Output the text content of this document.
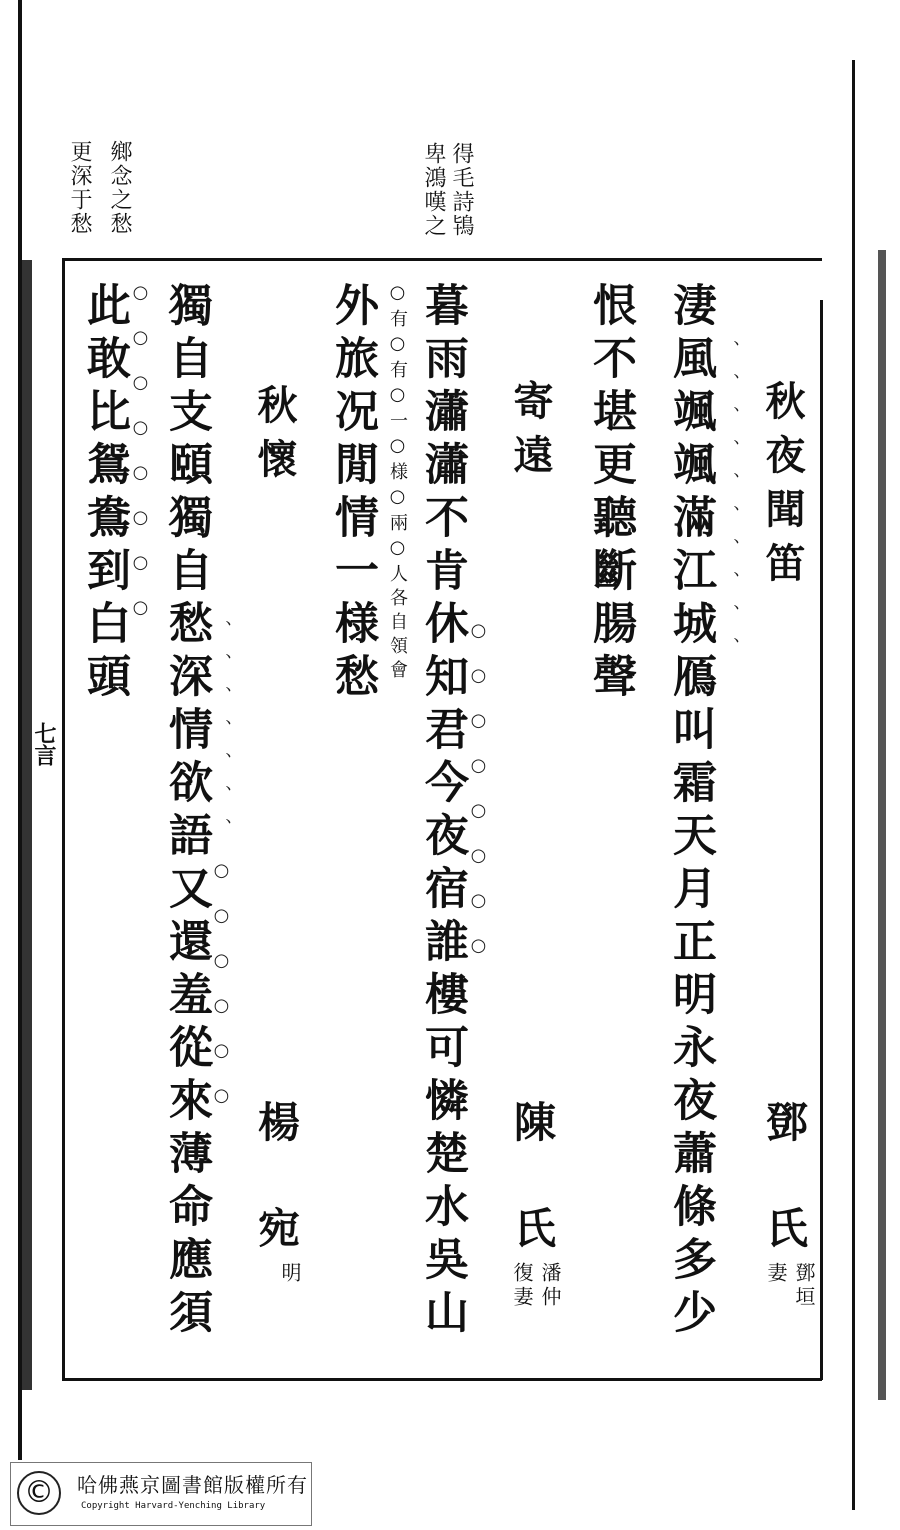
更深于愁 鄉念之愁	得毛詩鴇
卑鴻嘆之
七言
秋夜聞笛
鄧
氏
鄧垣
妻
淒風颯颯滿江城鴈叫霜天月正明永夜蕭條多少
恨不堪更聽斷腸聲	、、、、、、、、、、
寄遠
陳
氏
潘仲
復妻
暮雨瀟瀟不肯休知君今夜宿誰樓可憐楚水吳山
外旅况閒情一様愁 ○有○有○一○様○兩○人各自領會
○○○○○○○○
秋懷
楊
宛
明
獨自支頤獨自愁深情欲語又還羞從來薄命應須
此敢比鴛鴦到白頭 ○○○○○○○○
、、、、、、、○○○○○○
©	哈佛燕京圖書館版權所有
Copyright Harvard-Yenching Library
